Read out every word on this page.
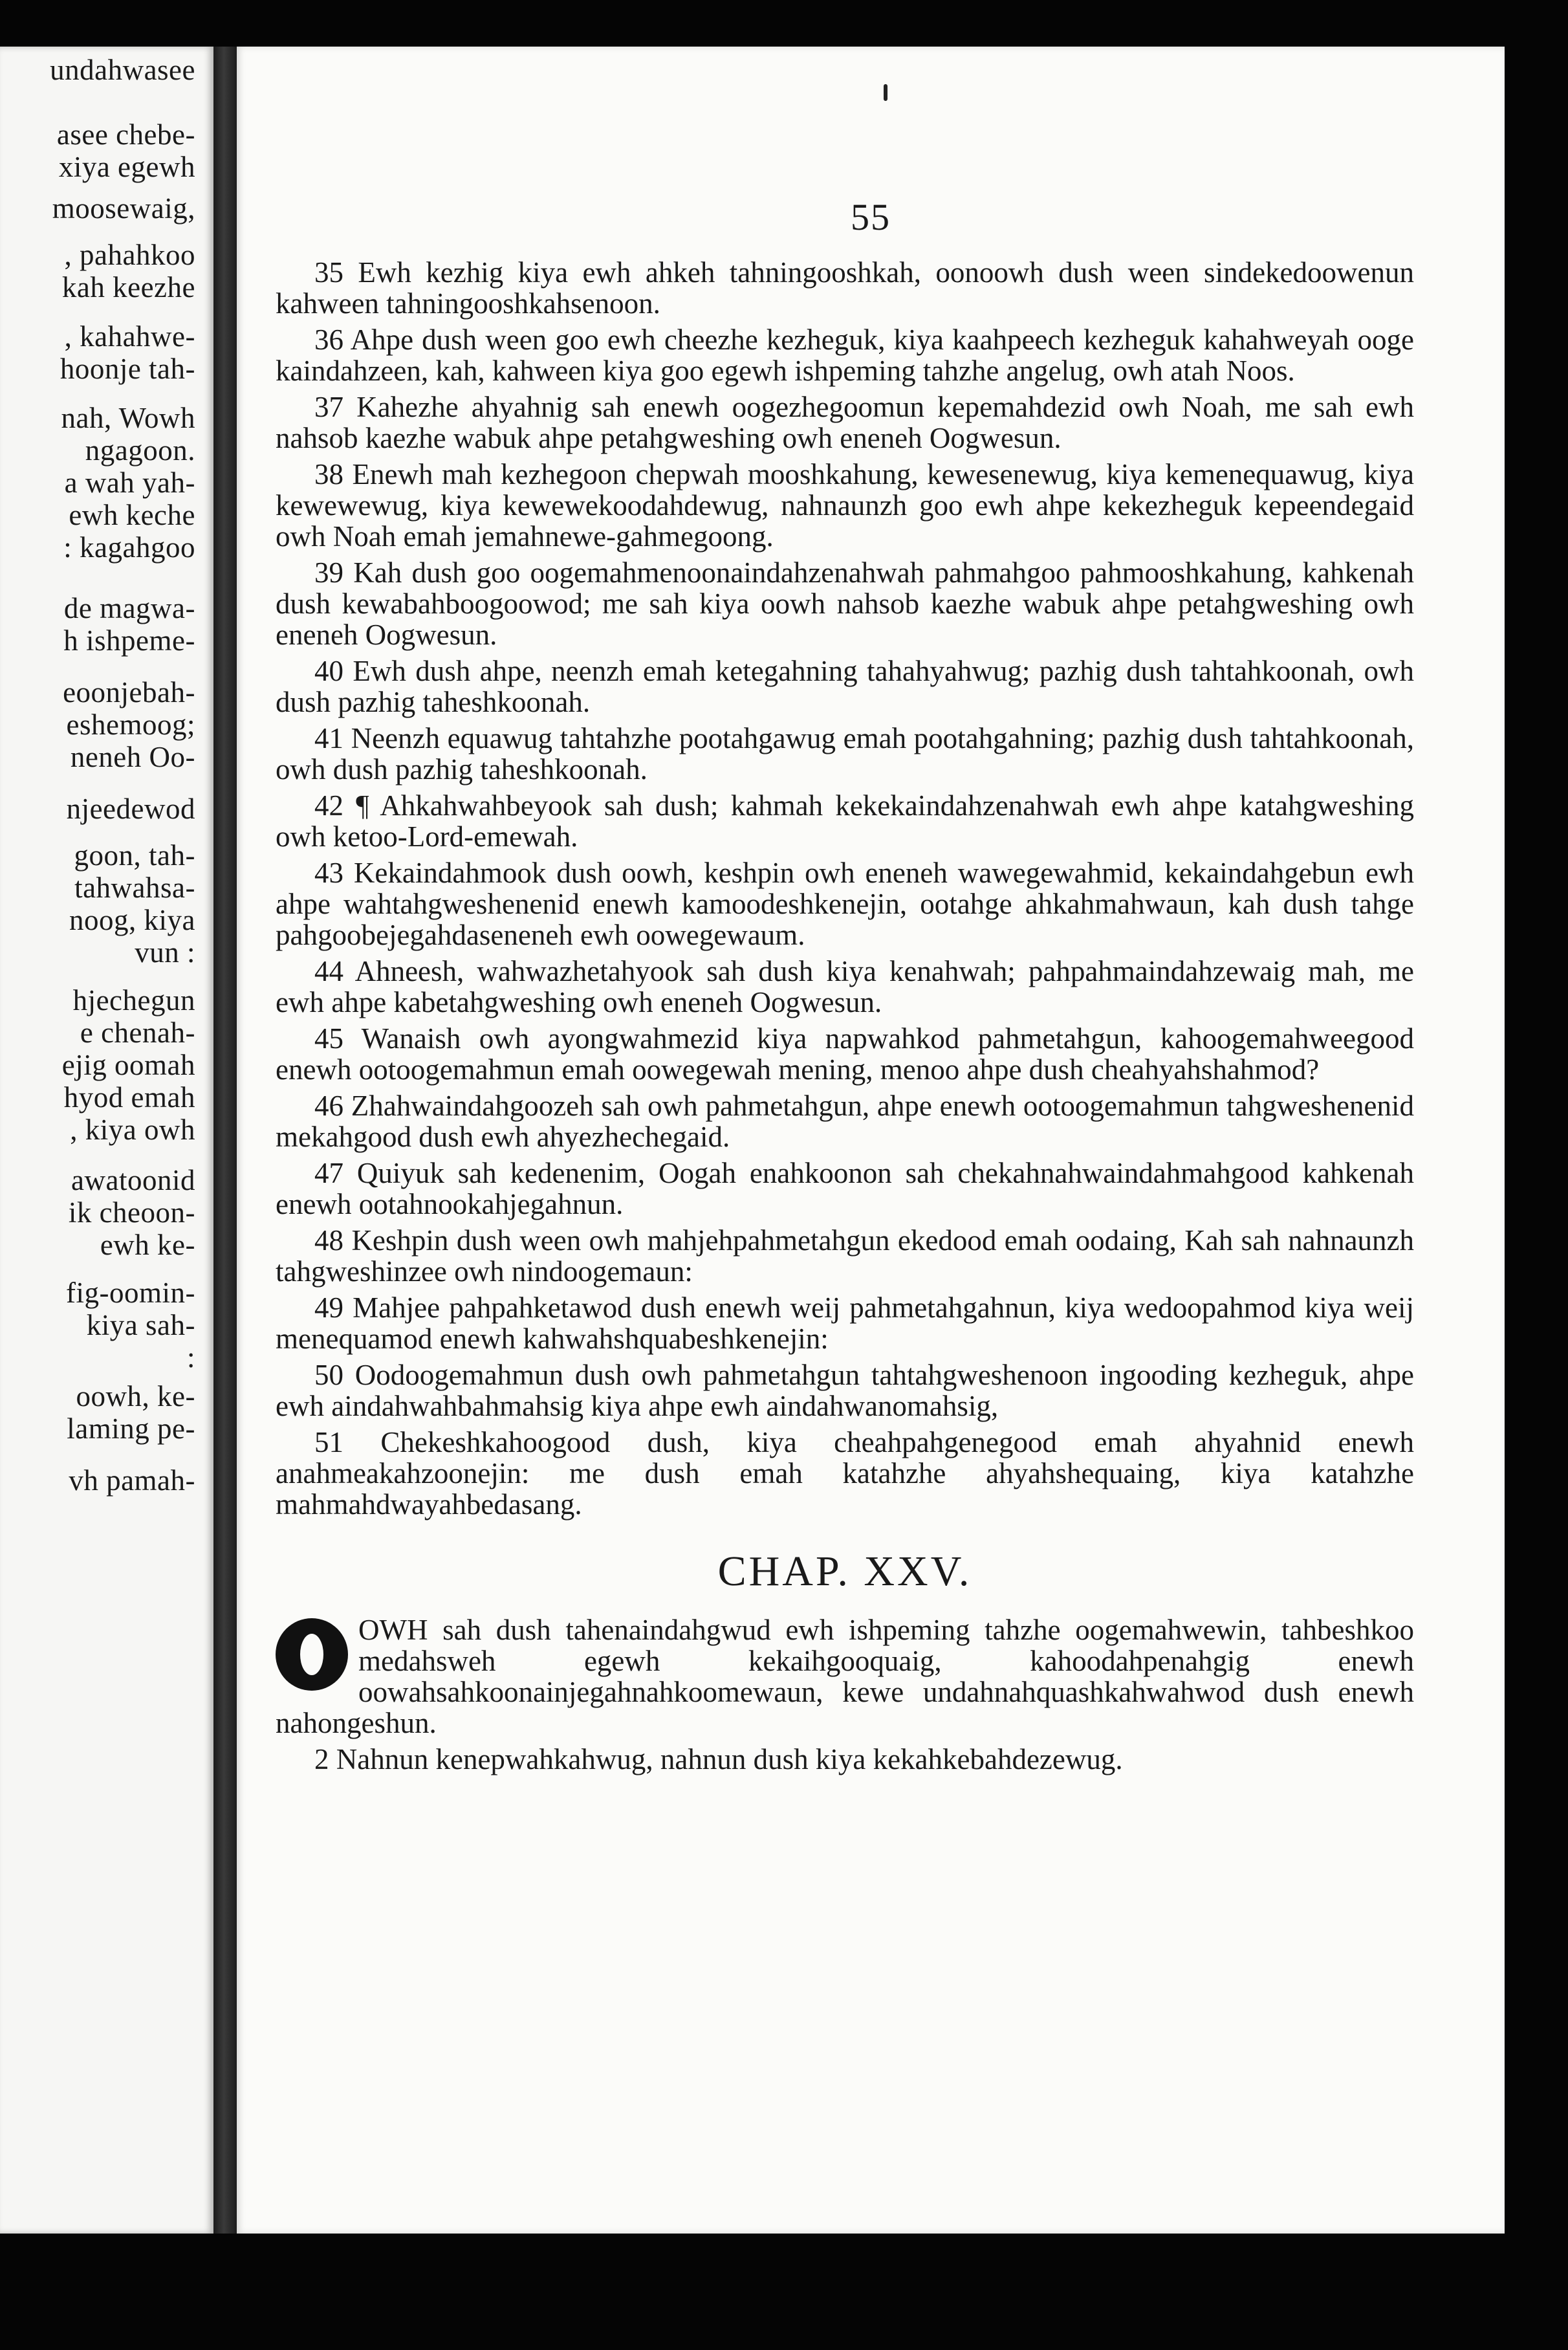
undahwasee
asee chebe-
xiya egewh
moosewaig,
, pahahkoo
kah keezhe
, kahahwe-
hoonje tah-
nah, Wowh
ngagoon.
a wah yah-
ewh keche
: kagahgoo
de magwa-
h ishpeme-
eoonjebah-
eshemoog;
neneh Oo-
njeedewod
goon, tah-
tahwahsa-
noog, kiya
vun :
hjechegun
e chenah-
ejig oomah
hyod emah
, kiya owh
awatoonid
ik cheoon-
ewh ke-
fig-oomin-
kiya sah-
:
oowh, ke-
laming pe-
vh pamah-
55

35 Ewh kezhig kiya ewh ahkeh tahningooshkah, oonoowh dush ween sindekedoowenun kahween tahningooshkahsenoon.

36 Ahpe dush ween goo ewh cheezhe kezheguk, kiya kaahpeech kezheguk kahahweyah ooge kaindahzeen, kah, kahween kiya goo egewh ishpeming tahzhe angelug, owh atah Noos.

37 Kahezhe ahyahnig sah enewh oogezhegoomun kepemahdezid owh Noah, me sah ewh nahsob kaezhe wabuk ahpe petahgweshing owh eneneh Oogwesun.

38 Enewh mah kezhegoon chepwah mooshkahung, kewesenewug, kiya kemenequawug, kiya kewewewug, kiya kewewekoodahdewug, nahnaunzh goo ewh ahpe kekezheguk kepeendegaid owh Noah emah jemahnewe-gahmegoong.

39 Kah dush goo oogemahmenoonaindahzenahwah pahmahgoo pahmooshkahung, kahkenah dush kewabahboogoowod; me sah kiya oowh nahsob kaezhe wabuk ahpe petahgweshing owh eneneh Oogwesun.

40 Ewh dush ahpe, neenzh emah ketegahning tahahyahwug; pazhig dush tahtahkoonah, owh dush pazhig taheshkoonah.

41 Neenzh equawug tahtahzhe pootahgawug emah pootahgahning; pazhig dush tahtahkoonah, owh dush pazhig taheshkoonah.

42 ¶ Ahkahwahbeyook sah dush; kahmah kekekaindahzenahwah ewh ahpe katahgweshing owh ketoo-Lord-emewah.

43 Kekaindahmook dush oowh, keshpin owh eneneh wawegewahmid, kekaindahgebun ewh ahpe wahtahgweshenenid enewh kamoodeshkenejin, ootahge ahkahmahwaun, kah dush tahge pahgoobejegahdaseneneh ewh oowegewaum.

44 Ahneesh, wahwazhetahyook sah dush kiya kenahwah; pahpahmaindahzewaig mah, me ewh ahpe kabetahgweshing owh eneneh Oogwesun.

45 Wanaish owh ayongwahmezid kiya napwahkod pahmetahgun, kahoogemahweegood enewh ootoogemahmun emah oowegewah mening, menoo ahpe dush cheahyahshahmod?

46 Zhahwaindahgoozeh sah owh pahmetahgun, ahpe enewh ootoogemahmun tahgweshenenid mekahgood dush ewh ahyezhechegaid.

47 Quiyuk sah kedenenim, Oogah enahkoonon sah chekahnahwaindahmahgood kahkenah enewh ootahnookahjegahnun.

48 Keshpin dush ween owh mahjehpahmetahgun ekedood emah oodaing, Kah sah nahnaunzh tahgweshinzee owh nindoogemaun:

49 Mahjee pahpahketawod dush enewh weij pahmetahgahnun, kiya wedoopahmod kiya weij menequamod enewh kahwahshquabeshkenejin:

50 Oodoogemahmun dush owh pahmetahgun tahtahgweshenoon ingooding kezheguk, ahpe ewh aindahwahbahmahsig kiya ahpe ewh aindahwanomahsig,

51 Chekeshkahoogood dush, kiya cheahpahgenegood emah ahyahnid enewh anahmeakahzoonejin: me dush emah katahzhe ahyahshequaing, kiya katahzhe mahmahdwayahbedasang.

CHAP. XXV.

OWH sah dush tahenaindahgwud ewh ishpeming tahzhe oogemahwewin, tahbeshkoo medahsweh egewh kekaihgooquaig, kahoodahpenahgig enewh oowahsahkoonainjegahnahkoomewaun, kewe undahnahquashkahwahwod dush enewh nahongeshun.

2 Nahnun kenepwahkahwug, nahnun dush kiya kekahkebahdezewug.
